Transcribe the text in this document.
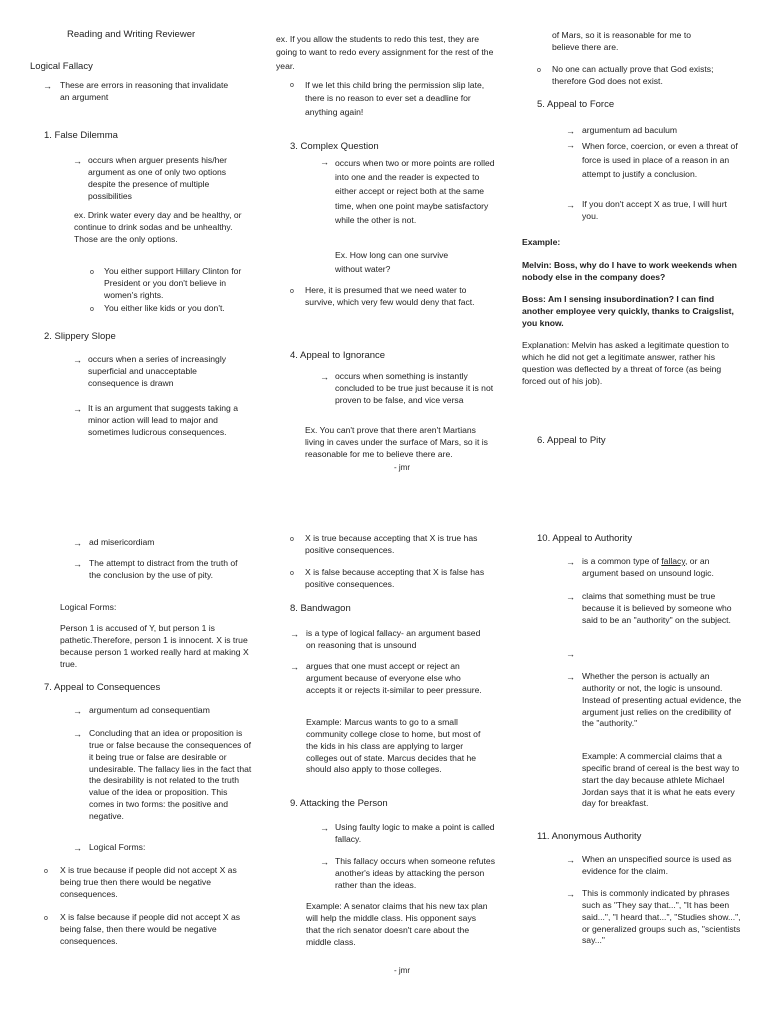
Reading and Writing Reviewer
Logical Fallacy
→ These are errors in reasoning that invalidate an argument
1. False Dilemma
→ occurs when arguer presents his/her argument as one of only two options despite the presence of multiple possibilities
ex. Drink water every day and be healthy, or continue to drink sodas and be unhealthy. Those are the only options.
o You either support Hillary Clinton for President or you don't believe in women's rights.
o You either like kids or you don't.
2. Slippery Slope
→ occurs when a series of increasingly superficial and unacceptable consequence is drawn
→ It is an argument that suggests taking a minor action will lead to major and sometimes ludicrous consequences.
ex. If you allow the students to redo this test, they are going to want to redo every assignment for the rest of the year.
o If we let this child bring the permission slip late, there is no reason to ever set a deadline for anything again!
3. Complex Question
→ occurs when two or more points are rolled into one and the reader is expected to either accept or reject both at the same time, when one point maybe satisfactory while the other is not.
Ex. How long can one survive without water?
o Here, it is presumed that we need water to survive, which very few would deny that fact.
4. Appeal to Ignorance
→ occurs when something is instantly concluded to be true just because it is not proven to be false, and vice versa
Ex. You can't prove that there aren't Martians living in caves under the surface of Mars, so it is reasonable for me to believe there are.
- jmr
of Mars, so it is reasonable for me to believe there are.
o No one can actually prove that God exists; therefore God does not exist.
5. Appeal to Force
→ argumentum ad baculum
→ When force, coercion, or even a threat of force is used in place of a reason in an attempt to justify a conclusion.
→ If you don't accept X as true, I will hurt you.
Example:
Melvin: Boss, why do I have to work weekends when nobody else in the company does?
Boss: Am I sensing insubordination? I can find another employee very quickly, thanks to Craigslist, you know.
Explanation: Melvin has asked a legitimate question to which he did not get a legitimate answer, rather his question was deflected by a threat of force (as being forced out of his job).
6. Appeal to Pity
→ ad misericordiam
→ The attempt to distract from the truth of the conclusion by the use of pity.
Logical Forms:
Person 1 is accused of Y, but person 1 is pathetic.Therefore, person 1 is innocent. X is true because person 1 worked really hard at making X true.
7. Appeal to Consequences
→ argumentum ad consequentiam
→ Concluding that an idea or proposition is true or false because the consequences of it being true or false are desirable or undesirable. The fallacy lies in the fact that the desirability is not related to the truth value of the idea or proposition. This comes in two forms: the positive and negative.
→ Logical Forms:
o X is true because if people did not accept X as being true then there would be negative consequences.
o X is false because if people did not accept X as being false, then there would be negative consequences.
o X is true because accepting that X is true has positive consequences.
o X is false because accepting that X is false has positive consequences.
8. Bandwagon
→ is a type of logical fallacy- an argument based on reasoning that is unsound
→ argues that one must accept or reject an argument because of everyone else who accepts it or rejects it-similar to peer pressure.
Example: Marcus wants to go to a small community college close to home, but most of the kids in his class are applying to larger colleges out of state. Marcus decides that he should also apply to those colleges.
9. Attacking the Person
→ Using faulty logic to make a point is called fallacy.
→ This fallacy occurs when someone refutes another's ideas by attacking the person rather than the ideas.
Example: A senator claims that his new tax plan will help the middle class. His opponent says that the rich senator doesn't care about the middle class.
- jmr
10. Appeal to Authority
→ is a common type of fallacy, or an argument based on unsound logic.
→ claims that something must be true because it is believed by someone who said to be an "authority" on the subject.
→
→ Whether the person is actually an authority or not, the logic is unsound. Instead of presenting actual evidence, the argument just relies on the credibility of the "authority."
Example: A commercial claims that a specific brand of cereal is the best way to start the day because athlete Michael Jordan says that it is what he eats every day for breakfast.
11. Anonymous Authority
→ When an unspecified source is used as evidence for the claim.
→ This is commonly indicated by phrases such as "They say that...", "It has been said...", "I heard that...", "Studies show...", or generalized groups such as, "scientists say..."
